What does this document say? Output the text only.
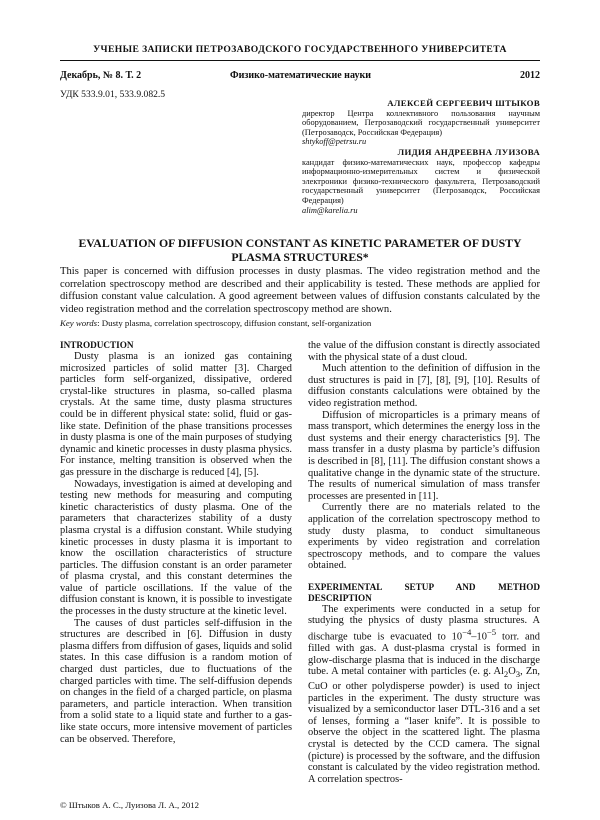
УЧЕНЫЕ ЗАПИСКИ ПЕТРОЗАВОДСКОГО ГОСУДАРСТВЕННОГО УНИВЕРСИТЕТА
Декабрь, № 8. Т. 2	Физико-математические науки	2012
УДК 533.9.01, 533.9.082.5
АЛЕКСЕЙ СЕРГЕЕВИЧ ШТЫКОВ
директор Центра коллективного пользования научным оборудованием, Петрозаводский государственный университет (Петрозаводск, Российская Федерация)
shtykoff@petrsu.ru
ЛИДИЯ АНДРЕЕВНА ЛУИЗОВА
кандидат физико-математических наук, профессор кафедры информационно-измерительных систем и физической электроники физико-технического факультета, Петрозаводский государственный университет (Петрозаводск, Российская Федерация)
alim@karelia.ru
EVALUATION OF DIFFUSION CONSTANT AS KINETIC PARAMETER OF DUSTY PLASMA STRUCTURES*
This paper is concerned with diffusion processes in dusty plasmas. The video registration method and the correlation spectroscopy method are described and their applicability is tested. These methods are applied for diffusion constant value calculation. A good agreement between values of diffusion constants calculated by the video registration method and the correlation spectroscopy method are shown.
Key words: Dusty plasma, correlation spectroscopy, diffusion constant, self-organization
INTRODUCTION

Dusty plasma is an ionized gas containing microsized particles of solid matter [3]. Charged particles form self-organized, dissipative, ordered crystal-like structures in plasma, so-called plasma crystals. At the same time, dusty plasma structures could be in different physical state: solid, fluid or gas-like state. Definition of the phase transitions processes in dusty plasma is one of the main purposes of studying dynamic and kinetic processes in dusty plasma physics. For instance, melting transition is observed when the gas pressure in the discharge is reduced [4], [5].

Nowadays, investigation is aimed at developing and testing new methods for measuring and computing kinetic characteristics of dusty plasma. One of the parameters that characterizes stability of a dusty plasma crystal is a diffusion constant. While studying kinetic processes in dusty plasma it is important to know the oscillation characteristics of structure particles. The diffusion constant is an order parameter of plasma crystal, and this constant determines the value of particle oscillations. If the value of the diffusion constant is known, it is possible to investigate the processes in the dusty structure at the kinetic level.

The causes of dust particles self-diffusion in the structures are described in [6]. Diffusion in dusty plasma differs from diffusion of gases, liquids and solid states. In this case diffusion is a random motion of charged dust particles, due to fluctuations of the charged particles with time. The self-diffusion depends on changes in the field of a charged particle, on plasma parameters, and particle interaction. When transition from a solid state to a liquid state and further to a gas-like state occurs, more intensive movement of particles can be observed. Therefore,

the value of the diffusion constant is directly associated with the physical state of a dust cloud.

Much attention to the definition of diffusion in the dust structures is paid in [7], [8], [9], [10]. Results of diffusion constants calculations were obtained by the video registration method.

Diffusion of microparticles is a primary means of mass transport, which determines the energy loss in the dust systems and their energy characteristics [9]. The mass transfer in a dusty plasma by particle’s diffusion is described in [8], [11]. The diffusion constant shows a qualitative change in the dynamic state of the structure. The results of numerical simulation of mass transfer processes are presented in [11].

Currently there are no materials related to the application of the correlation spectroscopy method to study dusty plasma, to conduct simultaneous experiments by video registration and correlation spectroscopy methods, and to compare the values obtained.

EXPERIMENTAL SETUP AND METHOD DESCRIPTION

The experiments were conducted in a setup for studying the physics of dusty plasma structures. A discharge tube is evacuated to $10^{-4}-10^{-5}$ torr. and filled with gas. A dust-plasma crystal is formed in glow-discharge plasma that is induced in the discharge tube. A metal container with particles (e. g. $Al_2O_3$, Zn, CuO or other polydisperse powder) is used to inject particles in the experiment. The dusty structure was visualized by a semiconductor laser DTL-316 and a set of lenses, forming a “laser knife”. It is possible to observe the object in the scattered light. The plasma crystal is detected by the CCD camera. The signal (picture) is processed by the software, and the diffusion constant is calculated by the video registration method. A correlation spectros-

© Штыков А. С., Луизова Л. А., 2012
